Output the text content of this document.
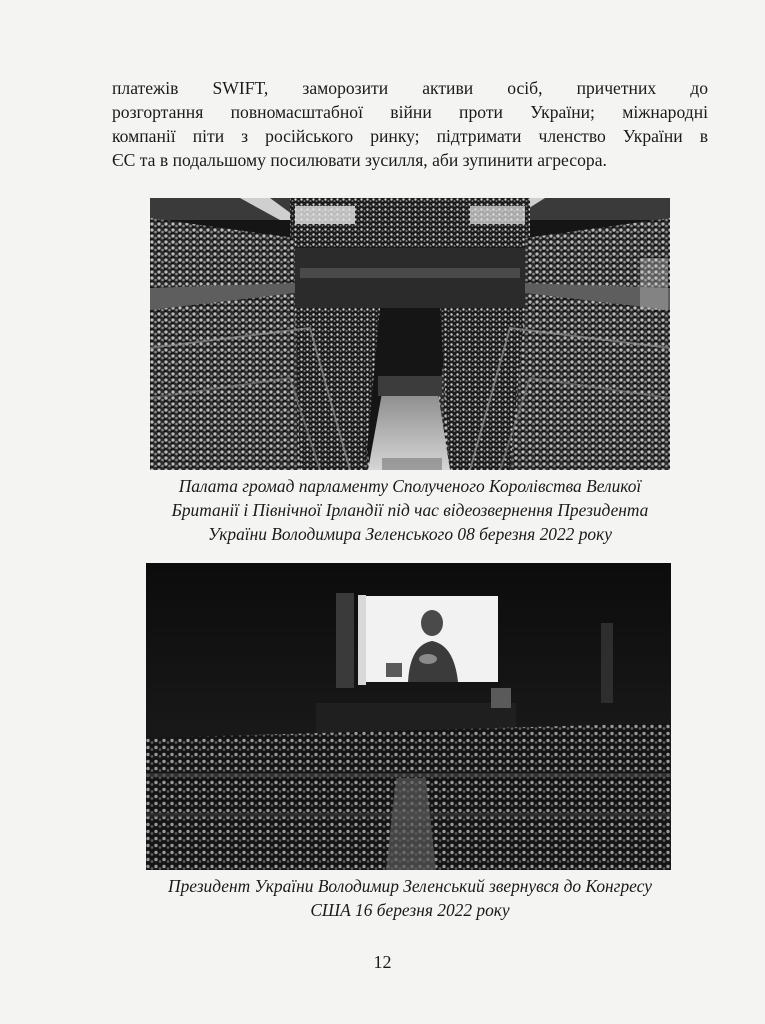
платежів SWIFT, заморозити активи осіб, причетних до
розгортання повномасштабної війни проти України; міжнародні
компанії піти з російського ринку; підтримати членство України в
ЄС та в подальшому посилювати зусилля, аби зупинити агресора.

Палата громад парламенту Сполученого Королівства Великої
Британії і Північної Ірландії під час відеозвернення Президента
України Володимира Зеленського 08 березня 2022 року

Президент України Володимир Зеленський звернувся до Конгресу
США 16 березня 2022 року

12
